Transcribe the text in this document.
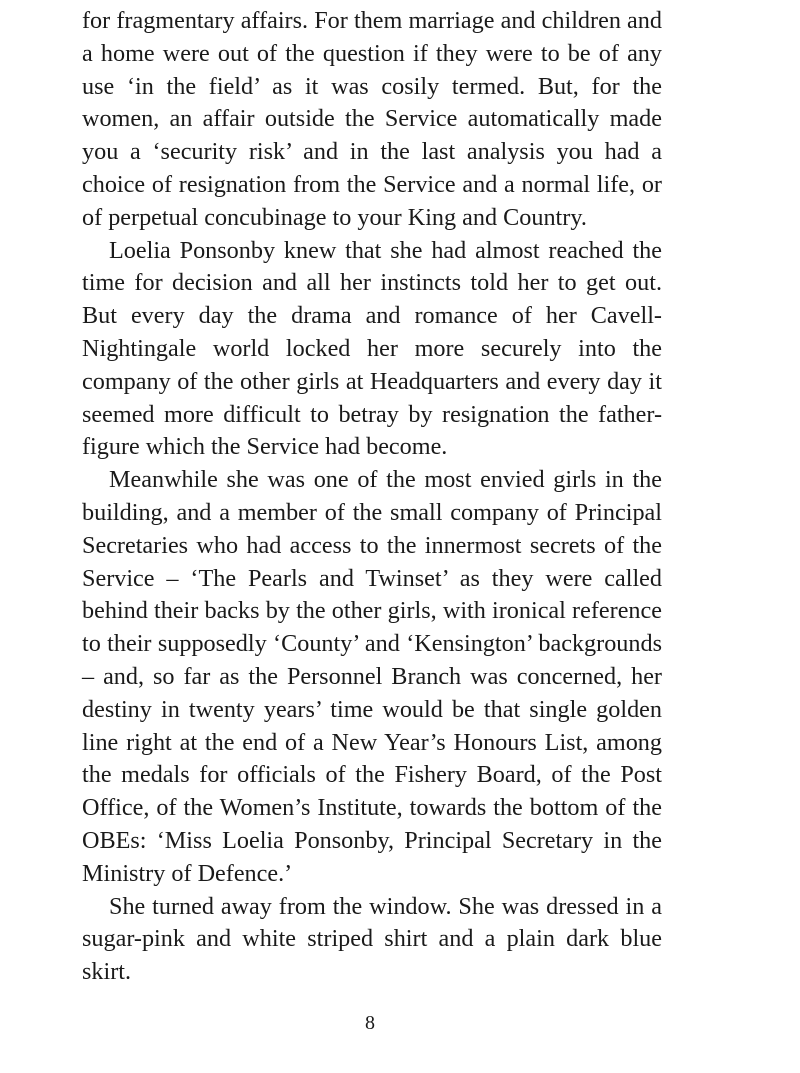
for fragmentary affairs. For them marriage and children and a home were out of the question if they were to be of any use ‘in the field’ as it was cosily termed. But, for the women, an affair outside the Service automatically made you a ‘security risk’ and in the last analysis you had a choice of resignation from the Service and a normal life, or of perpetual concubinage to your King and Country.

Loelia Ponsonby knew that she had almost reached the time for decision and all her instincts told her to get out. But every day the drama and romance of her Cavell-Nightingale world locked her more securely into the company of the other girls at Headquarters and every day it seemed more difficult to betray by resignation the father-figure which the Service had become.

Meanwhile she was one of the most envied girls in the building, and a member of the small company of Principal Secretaries who had access to the innermost secrets of the Service – ‘The Pearls and Twinset’ as they were called behind their backs by the other girls, with ironical reference to their supposedly ‘County’ and ‘Kensington’ backgrounds – and, so far as the Personnel Branch was concerned, her destiny in twenty years’ time would be that single golden line right at the end of a New Year’s Honours List, among the medals for officials of the Fishery Board, of the Post Office, of the Women’s Institute, towards the bottom of the OBEs: ‘Miss Loelia Ponsonby, Principal Secretary in the Ministry of Defence.’

She turned away from the window. She was dressed in a sugar-pink and white striped shirt and a plain dark blue skirt.

8
